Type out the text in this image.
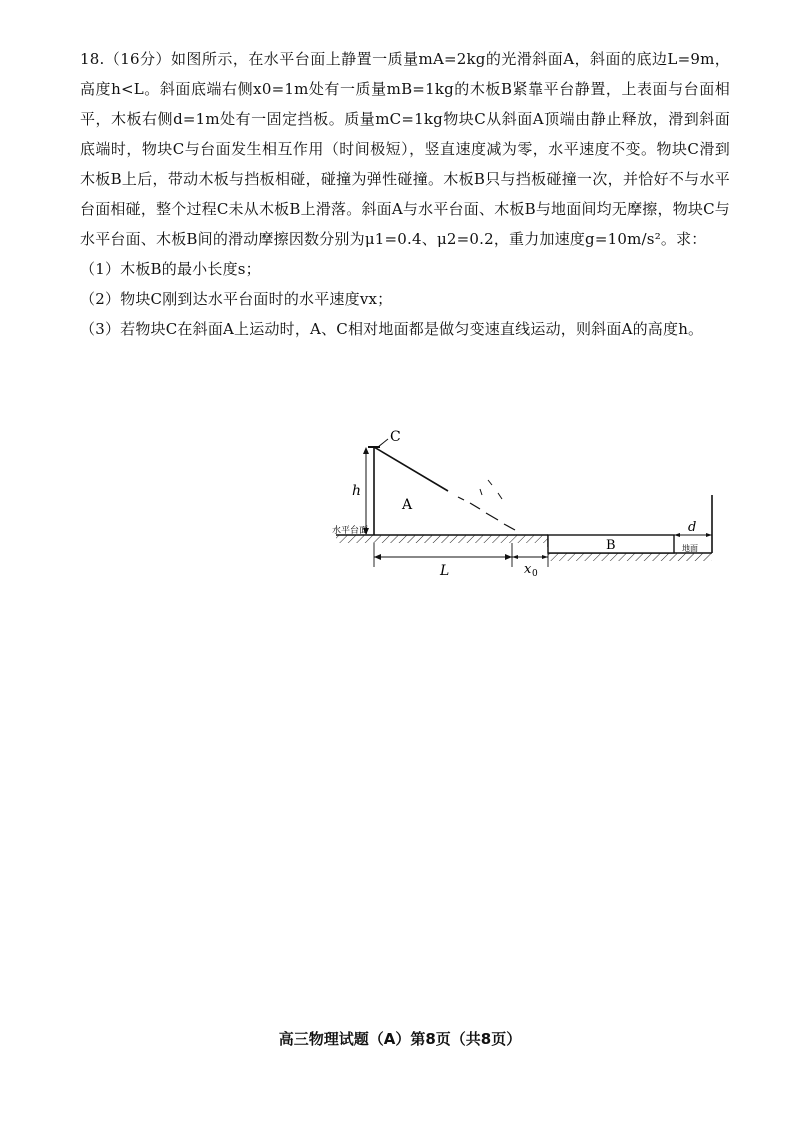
18.（16分）如图所示，在水平台面上静置一质量mA=2kg的光滑斜面A，斜面的底边L=9m，高度h<L。斜面底端右侧x0=1m处有一质量mB=1kg的木板B紧靠平台静置，上表面与台面相平，木板右侧d=1m处有一固定挡板。质量mC=1kg物块C从斜面A顶端由静止释放，滑到斜面底端时，物块C与台面发生相互作用（时间极短），竖直速度减为零，水平速度不变。物块C滑到木板B上后，带动木板与挡板相碰，碰撞为弹性碰撞。木板B只与挡板碰撞一次，并恰好不与水平台面相碰，整个过程C未从木板B上滑落。斜面A与水平台面、木板B与地面间均无摩擦，物块C与水平台面、木板B间的滑动摩擦因数分别为μ1=0.4、μ2=0.2，重力加速度g=10m/s²。求：

（1）木板B的最小长度s；

（2）物块C刚到达水平台面时的水平速度vx；

（3）若物块C在斜面A上运动时，A、C相对地面都是做匀变速直线运动，则斜面A的高度h。

C
h
A
水平台面
B
d
地面
L	x 0
高三物理试题（A）第8页（共8页）
